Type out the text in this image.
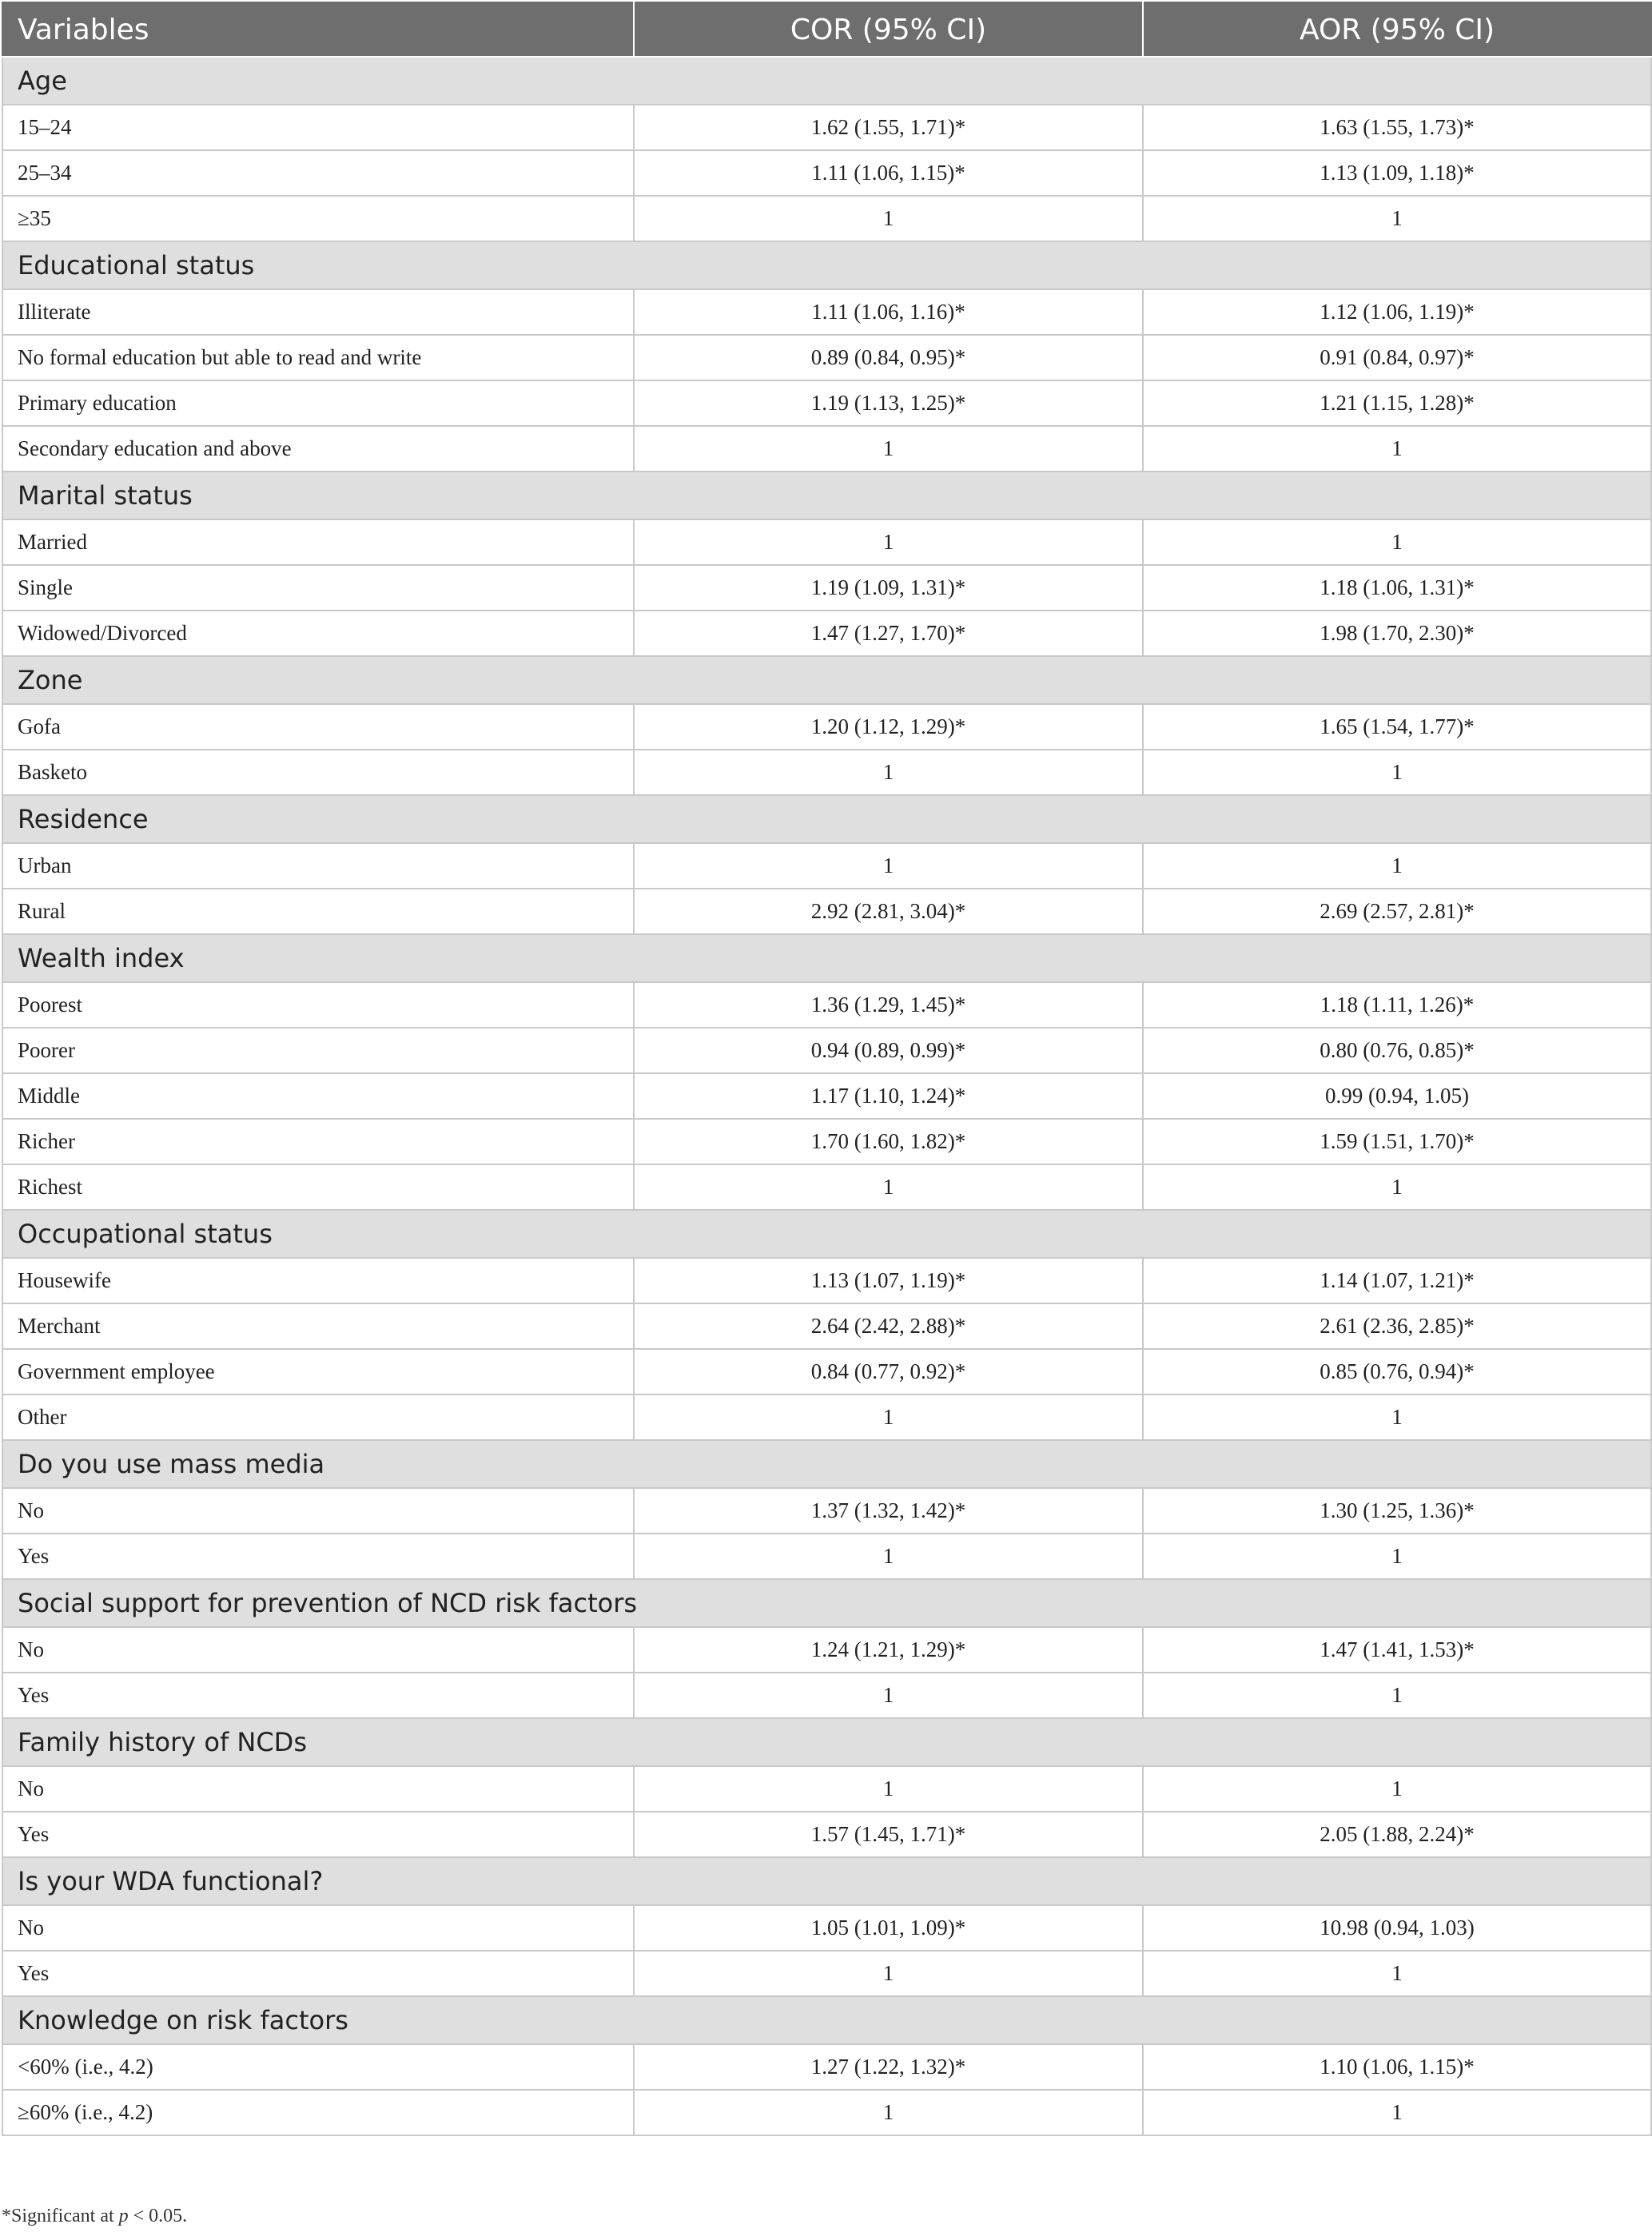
Variables	COR (95% CI)	AOR (95% CI)
Age		
15–24	1.62 (1.55, 1.71)*	1.63 (1.55, 1.73)*
25–34	1.11 (1.06, 1.15)*	1.13 (1.09, 1.18)*
≥35	1	1
Educational status		
Illiterate	1.11 (1.06, 1.16)*	1.12 (1.06, 1.19)*
No formal education but able to read and write	0.89 (0.84, 0.95)*	0.91 (0.84, 0.97)*
Primary education	1.19 (1.13, 1.25)*	1.21 (1.15, 1.28)*
Secondary education and above	1	1
Marital status		
Married	1	1
Single	1.19 (1.09, 1.31)*	1.18 (1.06, 1.31)*
Widowed/Divorced	1.47 (1.27, 1.70)*	1.98 (1.70, 2.30)*
Zone		
Gofa	1.20 (1.12, 1.29)*	1.65 (1.54, 1.77)*
Basketo	1	1
Residence		
Urban	1	1
Rural	2.92 (2.81, 3.04)*	2.69 (2.57, 2.81)*
Wealth index		
Poorest	1.36 (1.29, 1.45)*	1.18 (1.11, 1.26)*
Poorer	0.94 (0.89, 0.99)*	0.80 (0.76, 0.85)*
Middle	1.17 (1.10, 1.24)*	0.99 (0.94, 1.05)
Richer	1.70 (1.60, 1.82)*	1.59 (1.51, 1.70)*
Richest	1	1
Occupational status		
Housewife	1.13 (1.07, 1.19)*	1.14 (1.07, 1.21)*
Merchant	2.64 (2.42, 2.88)*	2.61 (2.36, 2.85)*
Government employee	0.84 (0.77, 0.92)*	0.85 (0.76, 0.94)*
Other	1	1
Do you use mass media		
No	1.37 (1.32, 1.42)*	1.30 (1.25, 1.36)*
Yes	1	1
Social support for prevention of NCD risk factors		
No	1.24 (1.21, 1.29)*	1.47 (1.41, 1.53)*
Yes	1	1
Family history of NCDs		
No	1	1
Yes	1.57 (1.45, 1.71)*	2.05 (1.88, 2.24)*
Is your WDA functional?		
No	1.05 (1.01, 1.09)*	10.98 (0.94, 1.03)
Yes	1	1
Knowledge on risk factors		
<60% (i.e., 4.2)	1.27 (1.22, 1.32)*	1.10 (1.06, 1.15)*
≥60% (i.e., 4.2)	1	1

*Significant at p < 0.05.
